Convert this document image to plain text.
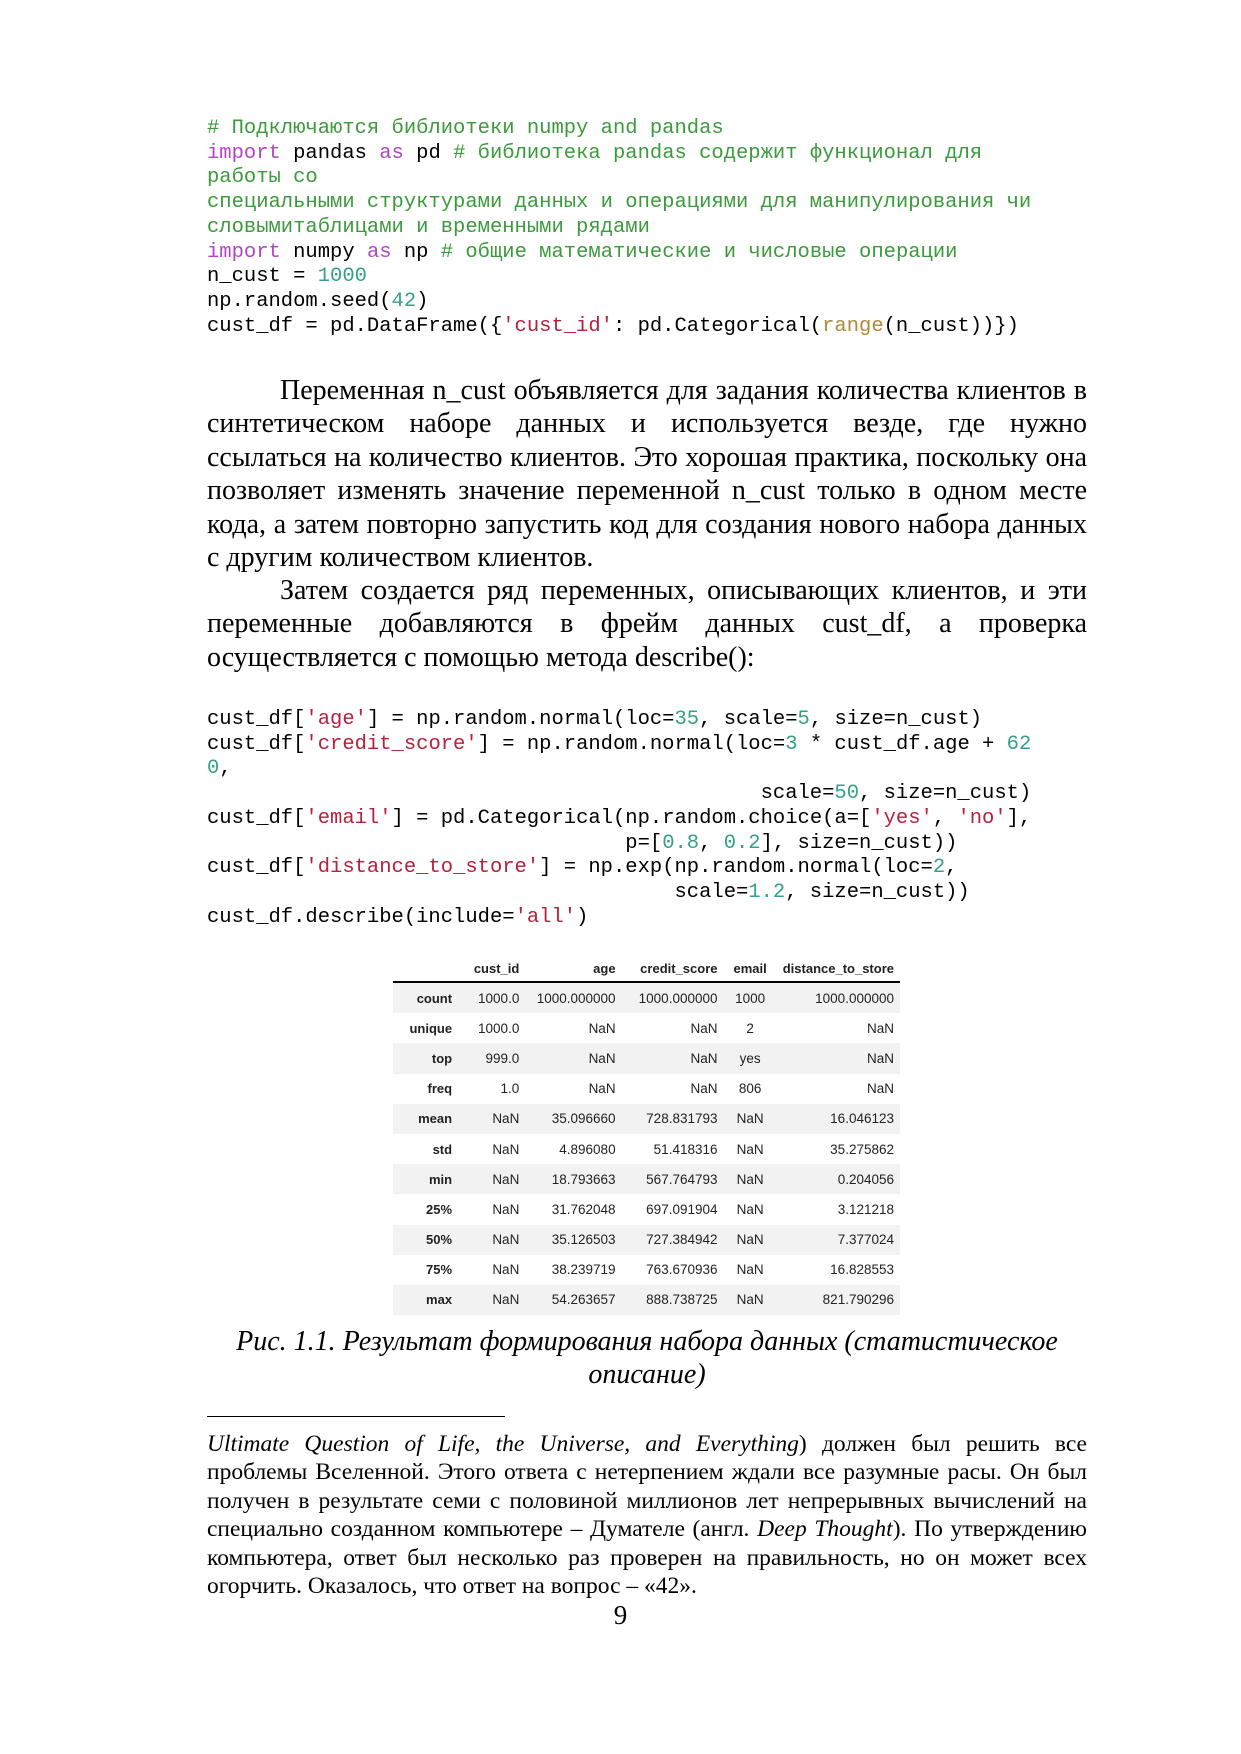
# Подключаются библиотеки numpy and pandas
import pandas as pd # библиотека pandas содержит функционал для
работы со
специальными структурами данных и операциями для манипулирования чи
словымитаблицами и временными рядами
import numpy as np # общие математические и числовые операции
n_cust = 1000
np.random.seed(42)
cust_df = pd.DataFrame({'cust_id': pd.Categorical(range(n_cust))})

Переменная n_cust объявляется для задания количества клиентов в синтетическом наборе данных и используется везде, где нужно ссылаться на количество клиентов. Это хорошая практика, поскольку она позволяет изменять значение переменной n_cust только в одном месте кода, а затем повторно запустить код для создания нового набора данных с другим количеством клиентов.

Затем создается ряд переменных, описывающих клиентов, и эти переменные добавляются в фрейм данных cust_df, а проверка осуществляется с помощью метода describe():

cust_df['age'] = np.random.normal(loc=35, scale=5, size=n_cust)
cust_df['credit_score'] = np.random.normal(loc=3 * cust_df.age + 62
0,
scale=50, size=n_cust)
cust_df['email'] = pd.Categorical(np.random.choice(a=['yes', 'no'],
p=[0.8, 0.2], size=n_cust))
cust_df['distance_to_store'] = np.exp(np.random.normal(loc=2,
scale=1.2, size=n_cust))
cust_df.describe(include='all')
	cust_id	age	credit_score	email	distance_to_store
count	1000.0	1000.000000	1000.000000	1000	1000.000000
unique	1000.0	NaN	NaN	2	NaN
top	999.0	NaN	NaN	yes	NaN
freq	1.0	NaN	NaN	806	NaN
mean	NaN	35.096660	728.831793	NaN	16.046123
std	NaN	4.896080	51.418316	NaN	35.275862
min	NaN	18.793663	567.764793	NaN	0.204056
25%	NaN	31.762048	697.091904	NaN	3.121218
50%	NaN	35.126503	727.384942	NaN	7.377024
75%	NaN	38.239719	763.670936	NaN	16.828553
max	NaN	54.263657	888.738725	NaN	821.790296

Рис. 1.1. Результат формирования набора данных (статистическое описание)

Ultimate Question of Life, the Universe, and Everything) должен был решить все проблемы Вселенной. Этого ответа с нетерпением ждали все разумные расы. Он был получен в результате семи с половиной миллионов лет непрерывных вычислений на специально созданном компьютере – Думателе (англ. Deep Thought). По утверждению компьютера, ответ был несколько раз проверен на правильность, но он может всех огорчить. Оказалось, что ответ на вопрос – «42».

9
